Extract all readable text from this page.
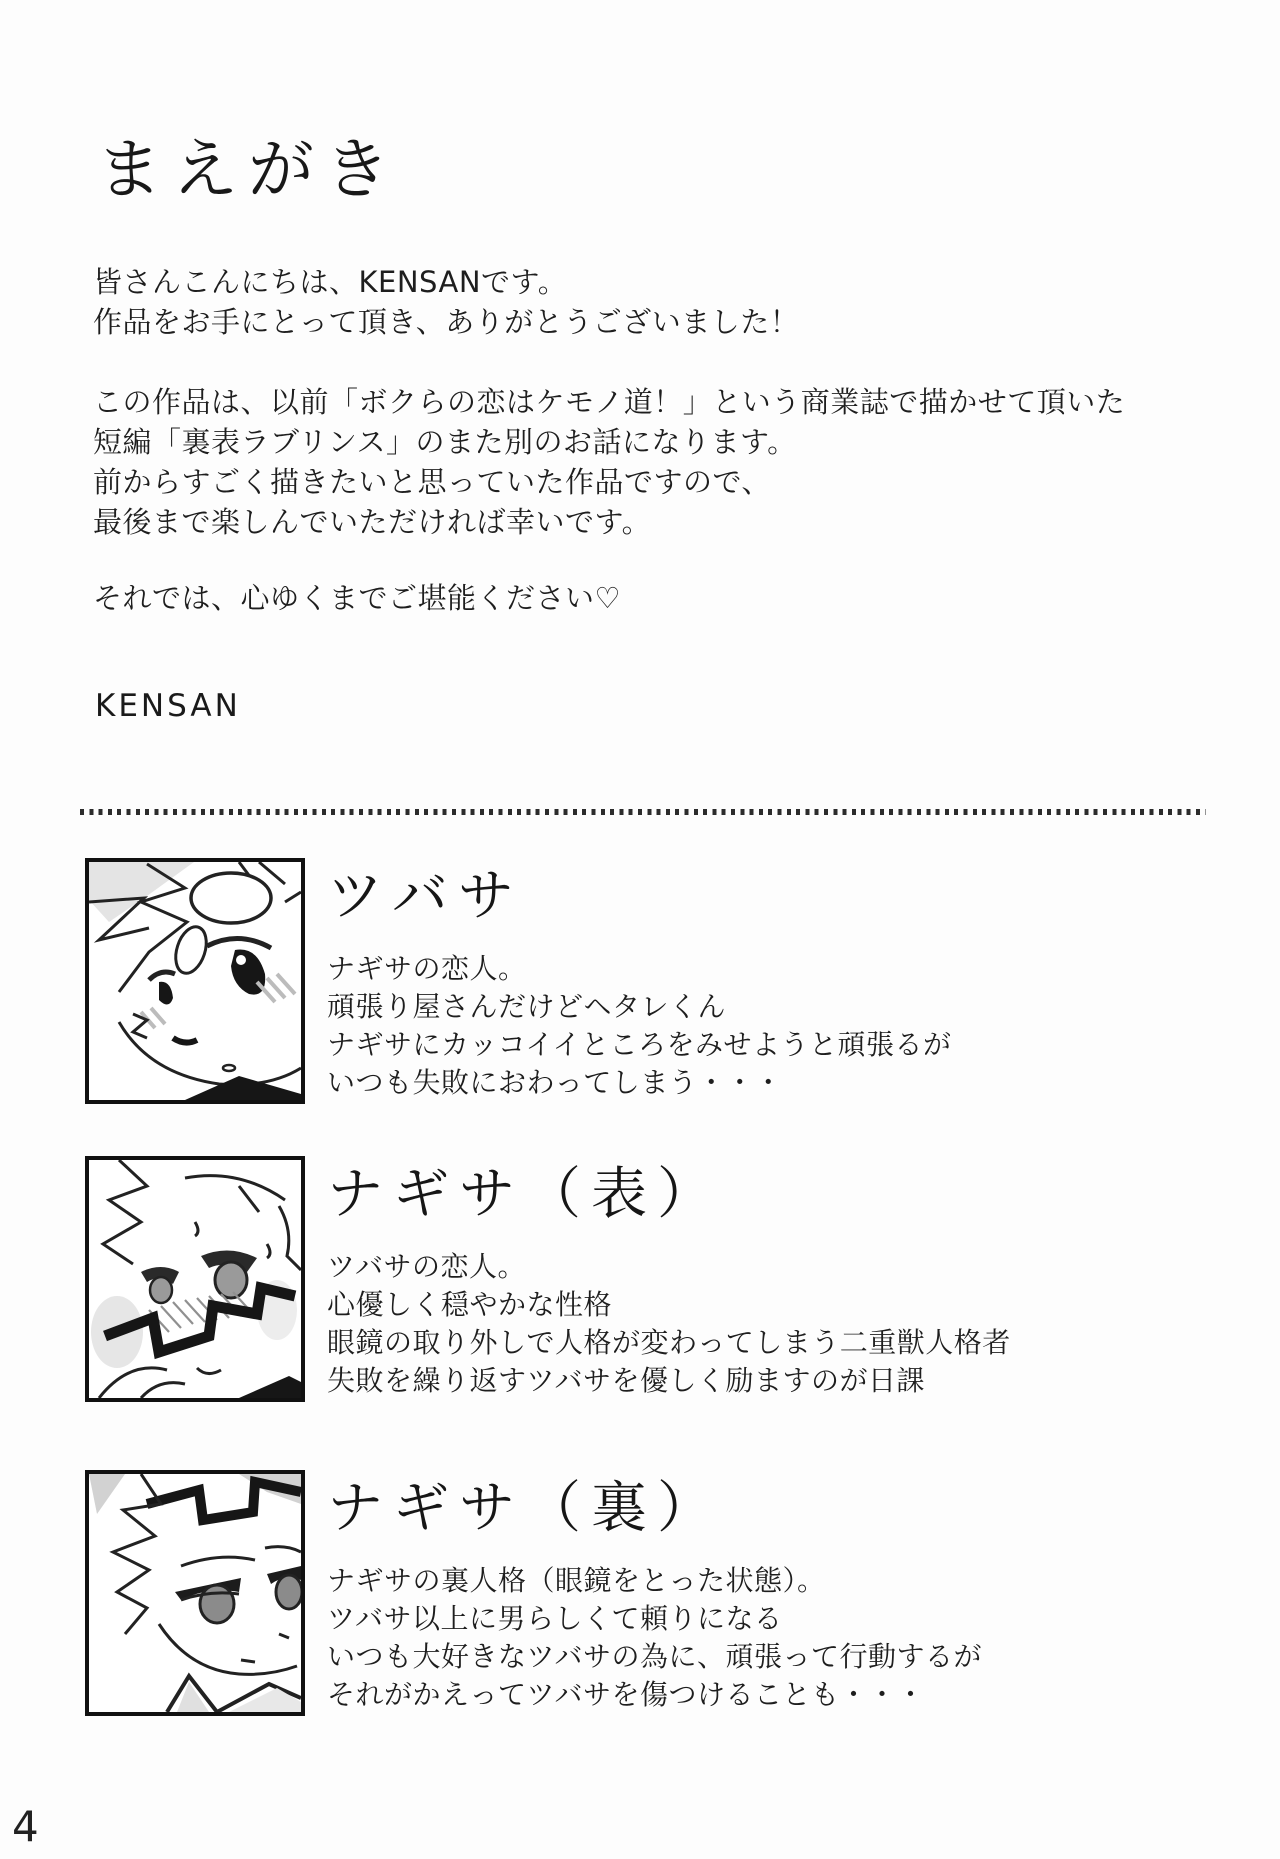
まえがき
皆さんこんにちは、KENSANです。
作品をお手にとって頂き、ありがとうございました！
この作品は、以前「ボクらの恋はケモノ道！」という商業誌で描かせて頂いた
短編「裏表ラブリンス」のまた別のお話になります。
前からすごく描きたいと思っていた作品ですので、
最後まで楽しんでいただければ幸いです。
それでは、心ゆくまでご堪能ください♡
KENSAN
ツバサ
ナギサの恋人。
頑張り屋さんだけどヘタレくん
ナギサにカッコイイところをみせようと頑張るが
いつも失敗におわってしまう・・・
ナギサ（表）
ツバサの恋人。
心優しく穏やかな性格
眼鏡の取り外しで人格が変わってしまう二重獣人格者
失敗を繰り返すツバサを優しく励ますのが日課
ナギサ（裏）
ナギサの裏人格（眼鏡をとった状態）。
ツバサ以上に男らしくて頼りになる
いつも大好きなツバサの為に、頑張って行動するが
それがかえってツバサを傷つけることも・・・
4
